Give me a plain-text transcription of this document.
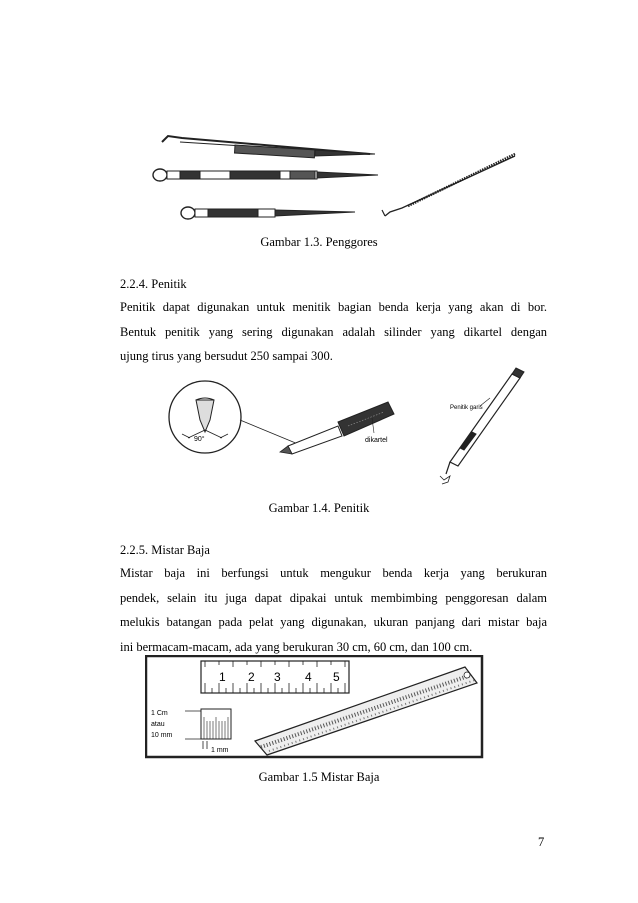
Gambar 1.3. Penggores
2.2.4. Penitik
Penitik dapat digunakan untuk menitik bagian benda kerja yang akan di bor.
Bentuk penitik yang sering digunakan adalah silinder yang dikartel dengan
ujung tirus yang bersudut 250 sampai 300.
90°	dikartel
Penitik garis
Gambar 1.4. Penitik
2.2.5. Mistar Baja
Mistar baja ini berfungsi untuk mengukur benda kerja yang berukuran
pendek, selain itu juga dapat dipakai untuk membimbing penggoresan dalam
melukis batangan pada pelat yang digunakan, ukuran panjang dari mistar baja
ini bermacam-macam, ada yang berukuran 30 cm, 60 cm, dan 100 cm.
1 2 3 4 5
1 Cm
atau
10 mm
1 mm
Gambar 1.5 Mistar Baja
7
